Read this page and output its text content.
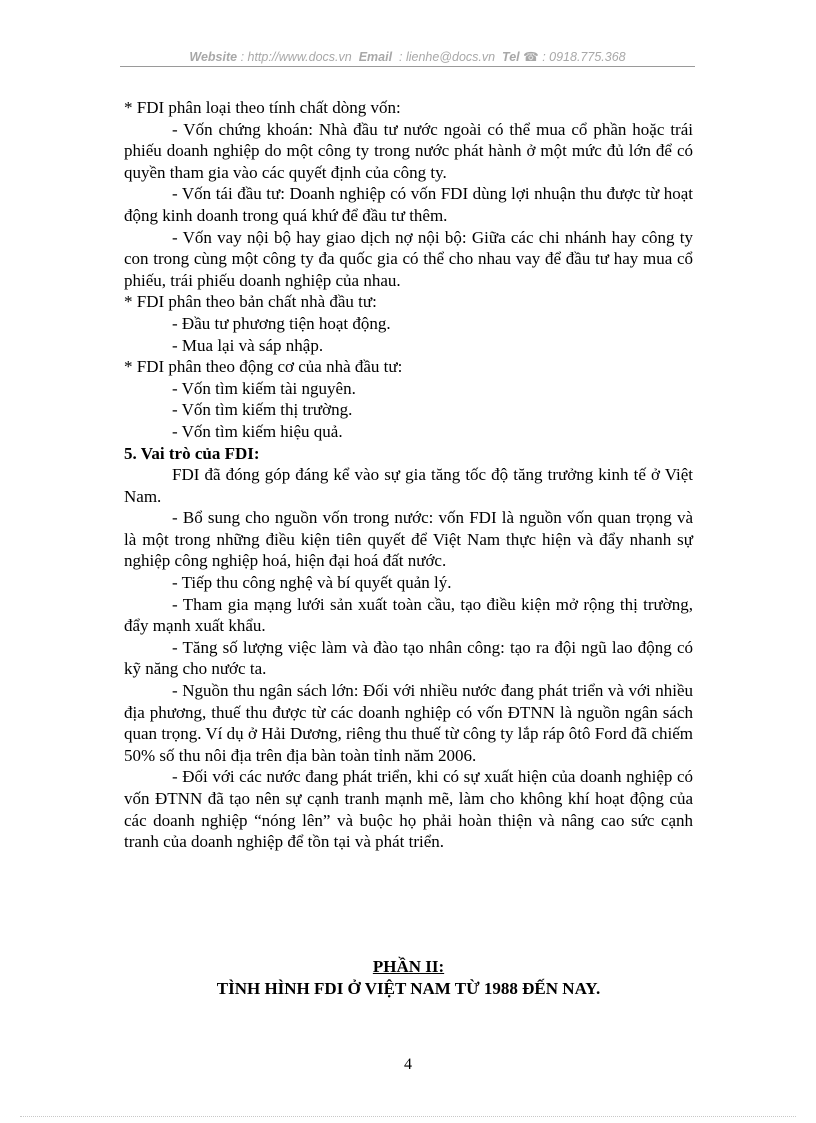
Website : http://www.docs.vn Email : lienhe@docs.vn Tel ☎ : 0918.775.368

* FDI phân loại theo tính chất dòng vốn:

- Vốn chứng khoán: Nhà đầu tư nước ngoài có thể mua cổ phần hoặc trái phiếu doanh nghiệp do một công ty trong nước phát hành ở một mức đủ lớn để có quyền tham gia vào các quyết định của công ty.

- Vốn tái đầu tư: Doanh nghiệp có vốn FDI dùng lợi nhuận thu được từ hoạt động kinh doanh trong quá khứ để đầu tư thêm.

- Vốn vay nội bộ hay giao dịch nợ nội bộ: Giữa các chi nhánh hay công ty con trong cùng một công ty đa quốc gia có thể cho nhau vay để đầu tư hay mua cổ phiếu, trái phiếu doanh nghiệp của nhau.

* FDI phân theo bản chất nhà đầu tư:

- Đầu tư phương tiện hoạt động.

- Mua lại và sáp nhập.

* FDI phân theo động cơ của nhà đầu tư:

- Vốn tìm kiếm tài nguyên.

- Vốn tìm kiếm thị trường.

- Vốn tìm kiếm hiệu quả.

5. Vai trò của FDI:

FDI đã đóng góp đáng kể vào sự gia tăng tốc độ tăng trưởng kinh tế ở Việt Nam.

- Bổ sung cho nguồn vốn trong nước: vốn FDI là nguồn vốn quan trọng và là một trong những điều kiện tiên quyết để Việt Nam thực hiện và đẩy nhanh sự nghiệp công nghiệp hoá, hiện đại hoá đất nước.

- Tiếp thu công nghệ và bí quyết quản lý.

- Tham gia mạng lưới sản xuất toàn cầu, tạo điều kiện mở rộng thị trường, đẩy mạnh xuất khẩu.

- Tăng số lượng việc làm và đào tạo nhân công: tạo ra đội ngũ lao động có kỹ năng cho nước ta.

- Nguồn thu ngân sách lớn: Đối với nhiều nước đang phát triển và với nhiều địa phương, thuế thu được từ các doanh nghiệp có vốn ĐTNN là nguồn ngân sách quan trọng. Ví dụ ở Hải Dương, riêng thu thuế từ công ty lắp ráp ôtô Ford đã chiếm 50% số thu nôi địa trên địa bàn toàn tỉnh năm 2006.

- Đối với các nước đang phát triển, khi có sự xuất hiện của doanh nghiệp có vốn ĐTNN đã tạo nên sự cạnh tranh mạnh mẽ, làm cho không khí hoạt động của các doanh nghiệp “nóng lên” và buộc họ phải hoàn thiện và nâng cao sức cạnh tranh của doanh nghiệp để tồn tại và phát triển.

PHẦN II:
TÌNH HÌNH FDI Ở VIỆT NAM TỪ 1988 ĐẾN NAY.
4
